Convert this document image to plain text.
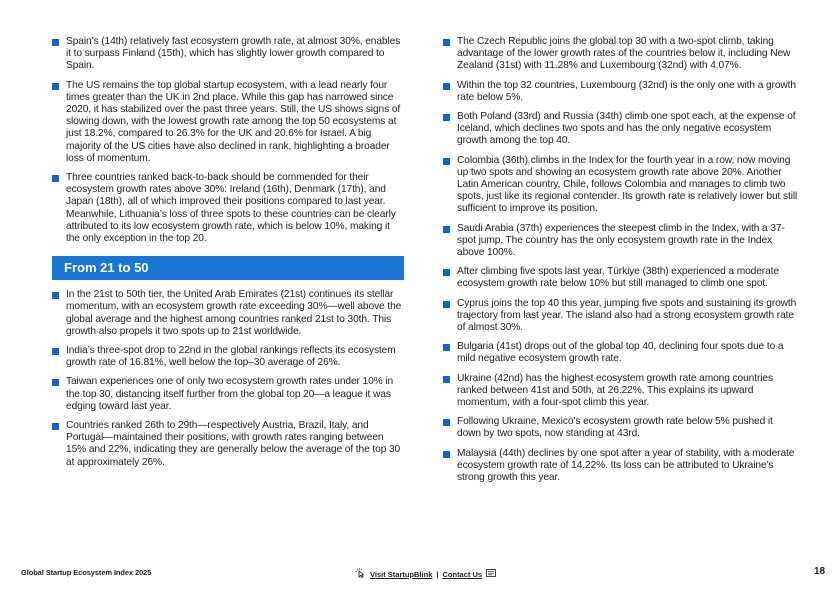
Spain’s (14th) relatively fast ecosystem growth rate, at almost 30%, enables it to surpass Finland (15th), which has slightly lower growth compared to Spain.
The US remains the top global startup ecosystem, with a lead nearly four times greater than the UK in 2nd place. While this gap has narrowed since 2020, it has stabilized over the past three years. Still, the US shows signs of slowing down, with the lowest growth rate among the top 50 ecosystems at just 18.2%, compared to 26.3% for the UK and 20.6% for Israel. A big majority of the US cities have also declined in rank, highlighting a broader loss of momentum.
Three countries ranked back-to-back should be commended for their ecosystem growth rates above 30%: Ireland (16th), Denmark (17th), and Japan (18th), all of which improved their positions compared to last year. Meanwhile, Lithuania’s loss of three spots to these countries can be clearly attributed to its low ecosystem growth rate, which is below 10%, making it the only exception in the top 20.
From 21 to 50
In the 21st to 50th tier, the United Arab Emirates (21st) continues its stellar momentum, with an ecosystem growth rate exceeding 30%—well above the global average and the highest among countries ranked 21st to 30th. This growth also propels it two spots up to 21st worldwide.
India’s three-spot drop to 22nd in the global rankings reflects its ecosystem growth rate of 16.81%, well below the top–30 average of 26%.
Taiwan experiences one of only two ecosystem growth rates under 10% in the top 30, distancing itself further from the global top 20—a league it was edging toward last year.
Countries ranked 26th to 29th—respectively Austria, Brazil, Italy, and Portugal—maintained their positions, with growth rates ranging between 15% and 22%, indicating they are generally below the average of the top 30 at approximately 26%.
The Czech Republic joins the global top 30 with a two-spot climb, taking advantage of the lower growth rates of the countries below it, including New Zealand (31st) with 11.28% and Luxembourg (32nd) with 4.07%.
Within the top 32 countries, Luxembourg (32nd) is the only one with a growth rate below 5%.
Both Poland (33rd) and Russia (34th) climb one spot each, at the expense of Iceland, which declines two spots and has the only negative ecosystem growth among the top 40.
Colombia (36th) climbs in the Index for the fourth year in a row, now moving up two spots and showing an ecosystem growth rate above 20%. Another Latin American country, Chile, follows Colombia and manages to climb two spots, just like its regional contender. Its growth rate is relatively lower but still sufficient to improve its position.
Saudi Arabia (37th) experiences the steepest climb in the Index, with a 37-spot jump. The country has the only ecosystem growth rate in the Index above 100%.
After climbing five spots last year, Türkiye (38th) experienced a moderate ecosystem growth rate below 10% but still managed to climb one spot.
Cyprus joins the top 40 this year, jumping five spots and sustaining its growth trajectory from last year. The island also had a strong ecosystem growth rate of almost 30%.
Bulgaria (41st) drops out of the global top 40, declining four spots due to a mild negative ecosystem growth rate.
Ukraine (42nd) has the highest ecosystem growth rate among countries ranked between 41st and 50th, at 26.22%. This explains its upward momentum, with a four-spot climb this year.
Following Ukraine, Mexico’s ecosystem growth rate below 5% pushed it down by two spots, now standing at 43rd.
Malaysia (44th) declines by one spot after a year of stability, with a moderate ecosystem growth rate of 14.22%. Its loss can be attributed to Ukraine’s strong growth this year.
Global Startup Ecosystem Index 2025	Visit StartupBlink | Contact Us	18
